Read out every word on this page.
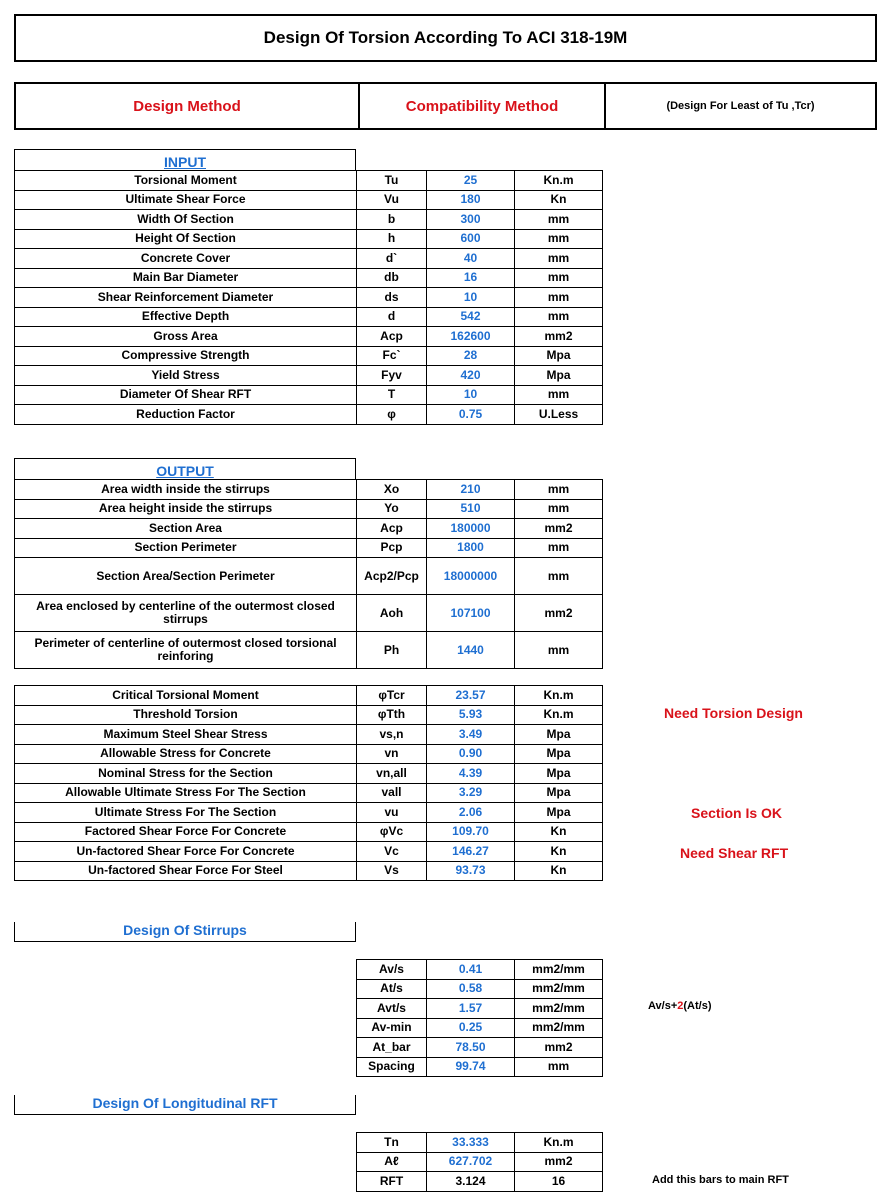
Design Of Torsion According To ACI 318-19M
Design Method	Compatibility Method	(Design For Least of Tu ,Tcr)
INPUT
Torsional Moment	Tu	25	Kn.m
Ultimate Shear Force	Vu	180	Kn
Width Of Section	b	300	mm
Height Of Section	h	600	mm
Concrete Cover	d`	40	mm
Main Bar Diameter	db	16	mm
Shear Reinforcement Diameter	ds	10	mm
Effective Depth	d	542	mm
Gross Area	Acp	162600	mm2
Compressive Strength	Fc`	28	Mpa
Yield Stress	Fyv	420	Mpa
Diameter Of Shear RFT	T	10	mm
Reduction Factor	φ	0.75	U.Less
OUTPUT
Area width inside the stirrups	Xo	210	mm
Area height inside the stirrups	Yo	510	mm
Section Area	Acp	180000	mm2
Section Perimeter	Pcp	1800	mm
Section Area/Section Perimeter	Acp2/Pcp	18000000	mm
Area enclosed by centerline of the outermost closed stirrups	Aoh	107100	mm2
Perimeter of centerline of outermost closed torsional reinforing	Ph	1440	mm
Critical Torsional Moment	φTcr	23.57	Kn.m
Threshold Torsion	φTth	5.93	Kn.m
Maximum Steel Shear Stress	vs,n	3.49	Mpa
Allowable Stress for Concrete	vn	0.90	Mpa
Nominal Stress for the Section	vn,all	4.39	Mpa
Allowable Ultimate Stress For The Section	vall	3.29	Mpa
Ultimate Stress For The Section	vu	2.06	Mpa
Factored Shear Force For Concrete	φVc	109.70	Kn
Un-factored Shear Force For Concrete	Vc	146.27	Kn
Un-factored Shear Force For Steel	Vs	93.73	Kn
Need Torsion Design
Section Is OK
Need Shear RFT
Design Of Stirrups
Av/s	0.41	mm2/mm
At/s	0.58	mm2/mm
Avt/s	1.57	mm2/mm
Av-min	0.25	mm2/mm
At_bar	78.50	mm2
Spacing	99.74	mm
Av/s+2(At/s)
Design Of Longitudinal RFT
Tn	33.333	Kn.m
Aℓ	627.702	mm2
RFT	3.124	16	Add this bars to main RFT
